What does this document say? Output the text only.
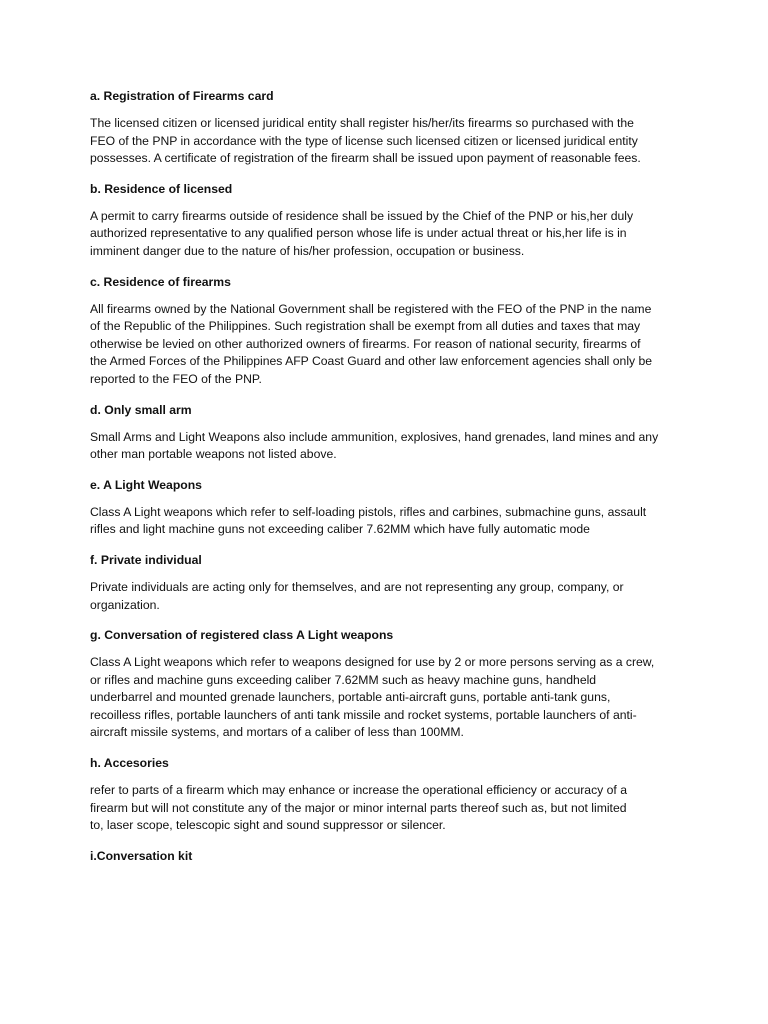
a. Registration of Firearms card

The licensed citizen or licensed juridical entity shall register his/her/its firearms so purchased with the
FEO of the PNP in accordance with the type of license such licensed citizen or licensed juridical entity
possesses. A certificate of registration of the firearm shall be issued upon payment of reasonable fees.

b. Residence of licensed

A permit to carry firearms outside of residence shall be issued by the Chief of the PNP or his,her duly
authorized representative to any qualified person whose life is under actual threat or his,her life is in
imminent danger due to the nature of his/her profession, occupation or business.

c. Residence of firearms

All firearms owned by the National Government shall be registered with the FEO of the PNP in the name
of the Republic of the Philippines. Such registration shall be exempt from all duties and taxes that may
otherwise be levied on other authorized owners of firearms. For reason of national security, firearms of
the Armed Forces of the Philippines AFP Coast Guard and other law enforcement agencies shall only be
reported to the FEO of the PNP.

d. Only small arm

Small Arms and Light Weapons also include ammunition, explosives, hand grenades, land mines and any
other man portable weapons not listed above.

e. A Light Weapons

Class A Light weapons which refer to self-loading pistols, rifles and carbines, submachine guns, assault
rifles and light machine guns not exceeding caliber 7.62MM which have fully automatic mode

f. Private individual

Private individuals are acting only for themselves, and are not representing any group, company, or
organization.

g. Conversation of registered class A Light weapons

Class A Light weapons which refer to weapons designed for use by 2 or more persons serving as a crew,
or rifles and machine guns exceeding caliber 7.62MM such as heavy machine guns, handheld
underbarrel and mounted grenade launchers, portable anti-aircraft guns, portable anti-tank guns,
recoilless rifles, portable launchers of anti tank missile and rocket systems, portable launchers of anti-
aircraft missile systems, and mortars of a caliber of less than 100MM.

h. Accesories

refer to parts of a firearm which may enhance or increase the operational efficiency or accuracy of a
firearm but will not constitute any of the major or minor internal parts thereof such as, but not limited
to, laser scope, telescopic sight and sound suppressor or silencer.

i.Conversation kit
